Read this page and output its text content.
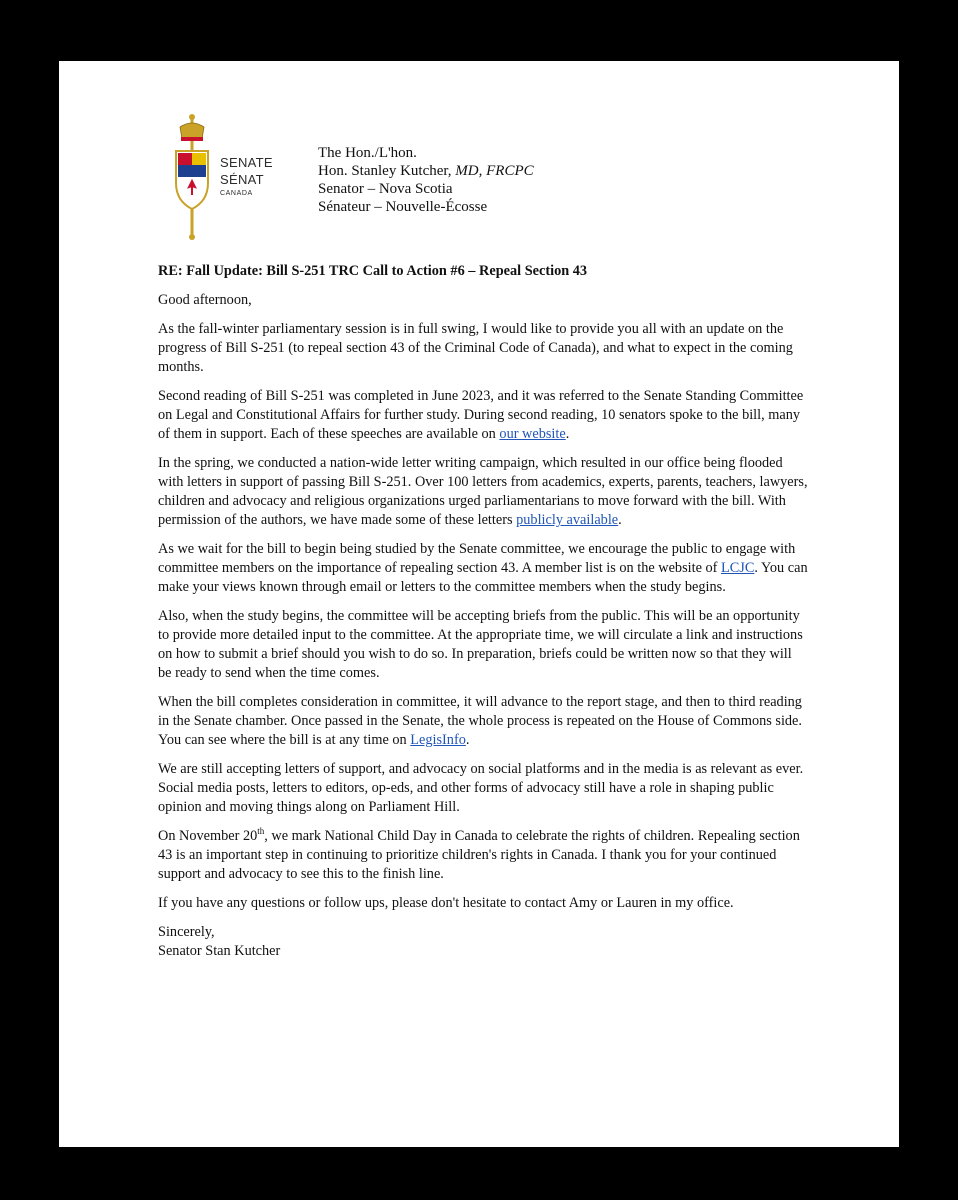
SENATE
SÉNAT
CANADA
The Hon./L'hon.
Hon. Stanley Kutcher, MD, FRCPC
Senator – Nova Scotia
Sénateur – Nouvelle-Écosse
RE: Fall Update: Bill S-251 TRC Call to Action #6 – Repeal Section 43

Good afternoon,

As the fall-winter parliamentary session is in full swing, I would like to provide you all with an update on the progress of Bill S-251 (to repeal section 43 of the Criminal Code of Canada), and what to expect in the coming months.

Second reading of Bill S-251 was completed in June 2023, and it was referred to the Senate Standing Committee on Legal and Constitutional Affairs for further study. During second reading, 10 senators spoke to the bill, many of them in support. Each of these speeches are available on our website.

In the spring, we conducted a nation-wide letter writing campaign, which resulted in our office being flooded with letters in support of passing Bill S-251. Over 100 letters from academics, experts, parents, teachers, lawyers, children and advocacy and religious organizations urged parliamentarians to move forward with the bill. With permission of the authors, we have made some of these letters publicly available.

As we wait for the bill to begin being studied by the Senate committee, we encourage the public to engage with committee members on the importance of repealing section 43. A member list is on the website of LCJC. You can make your views known through email or letters to the committee members when the study begins.

Also, when the study begins, the committee will be accepting briefs from the public. This will be an opportunity to provide more detailed input to the committee. At the appropriate time, we will circulate a link and instructions on how to submit a brief should you wish to do so. In preparation, briefs could be written now so that they will be ready to send when the time comes.

When the bill completes consideration in committee, it will advance to the report stage, and then to third reading in the Senate chamber. Once passed in the Senate, the whole process is repeated on the House of Commons side. You can see where the bill is at any time on LegisInfo.

We are still accepting letters of support, and advocacy on social platforms and in the media is as relevant as ever. Social media posts, letters to editors, op-eds, and other forms of advocacy still have a role in shaping public opinion and moving things along on Parliament Hill.

On November 20th, we mark National Child Day in Canada to celebrate the rights of children. Repealing section 43 is an important step in continuing to prioritize children's rights in Canada. I thank you for your continued support and advocacy to see this to the finish line.

If you have any questions or follow ups, please don't hesitate to contact Amy or Lauren in my office.

Sincerely,
Senator Stan Kutcher
